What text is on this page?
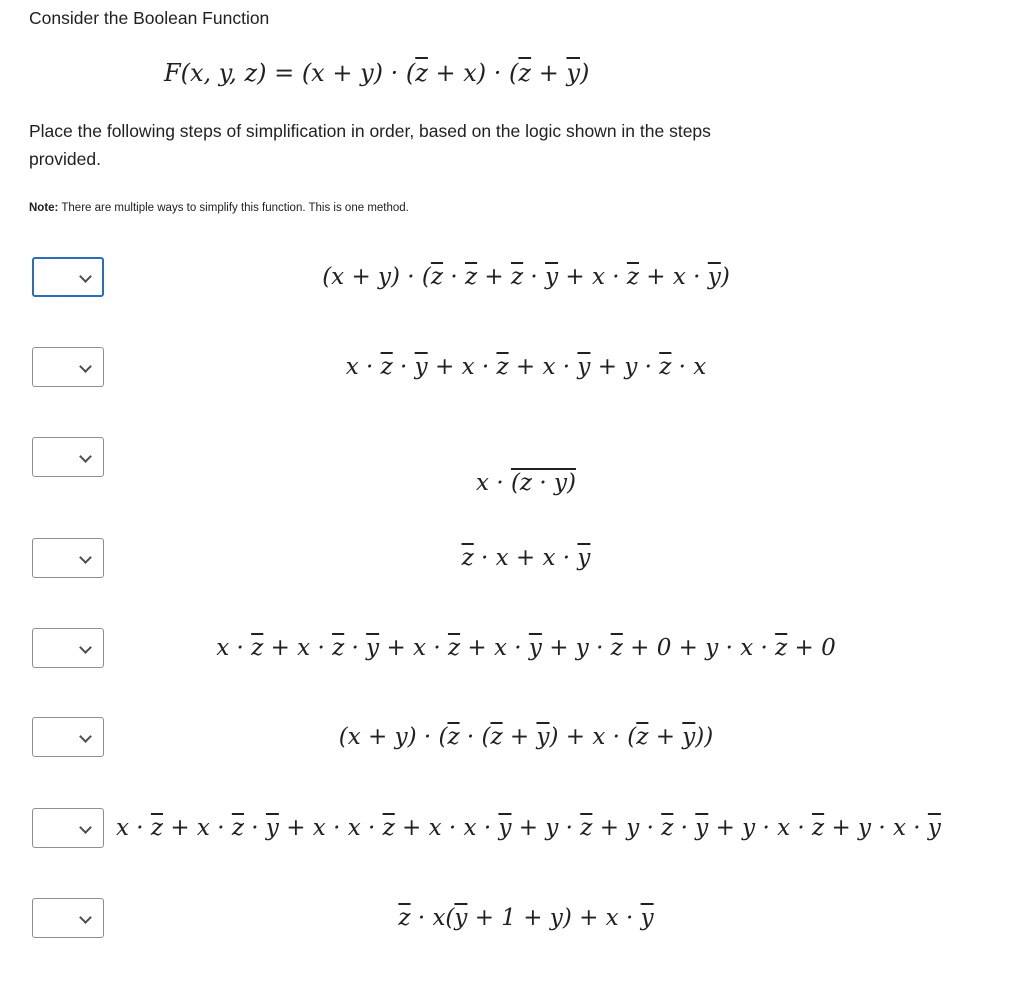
Consider the Boolean Function
F(x, y, $z) = (x + y) \cdot (\overline{z} + x) \cdot (\overline{z} + \overline{y})$
Place the following steps of simplification in order, based on the logic shown in the steps provided.
Note: There are multiple ways to simplify this function. This is one method.
$(x + y) \cdot (\overline{z} \cdot \overline{z} + \overline{z} \cdot \overline{y} + x \cdot \overline{z} + x \cdot \overline{y})$
$x \cdot \overline{z} \cdot \overline{y} + x \cdot \overline{z} + x \cdot \overline{y} + y \cdot \overline{z} \cdot x$
x · (z · y)
$\overline{z} \cdot x + x \cdot \overline{y}$
$x \cdot \overline{z} + x \cdot \overline{z} \cdot \overline{y} + x \cdot \overline{z} + x \cdot \overline{y} + y \cdot \overline{z} + 0 + y \cdot x \cdot \overline{z} + 0$
$(x + y) \cdot (\overline{z} \cdot (\overline{z} + \overline{y}) + x \cdot (\overline{z} + \overline{y}))$
$x \cdot \overline{z} + x \cdot \overline{z} \cdot \overline{y} + x \cdot x \cdot \overline{z} + x \cdot x \cdot \overline{y} + y \cdot \overline{z} + y \cdot \overline{z} \cdot \overline{y} + y \cdot x \cdot \overline{z} + y \cdot x \cdot \overline{y}$
$\overline{z} \cdot x(\overline{y} + 1 + y) + x \cdot \overline{y}$
